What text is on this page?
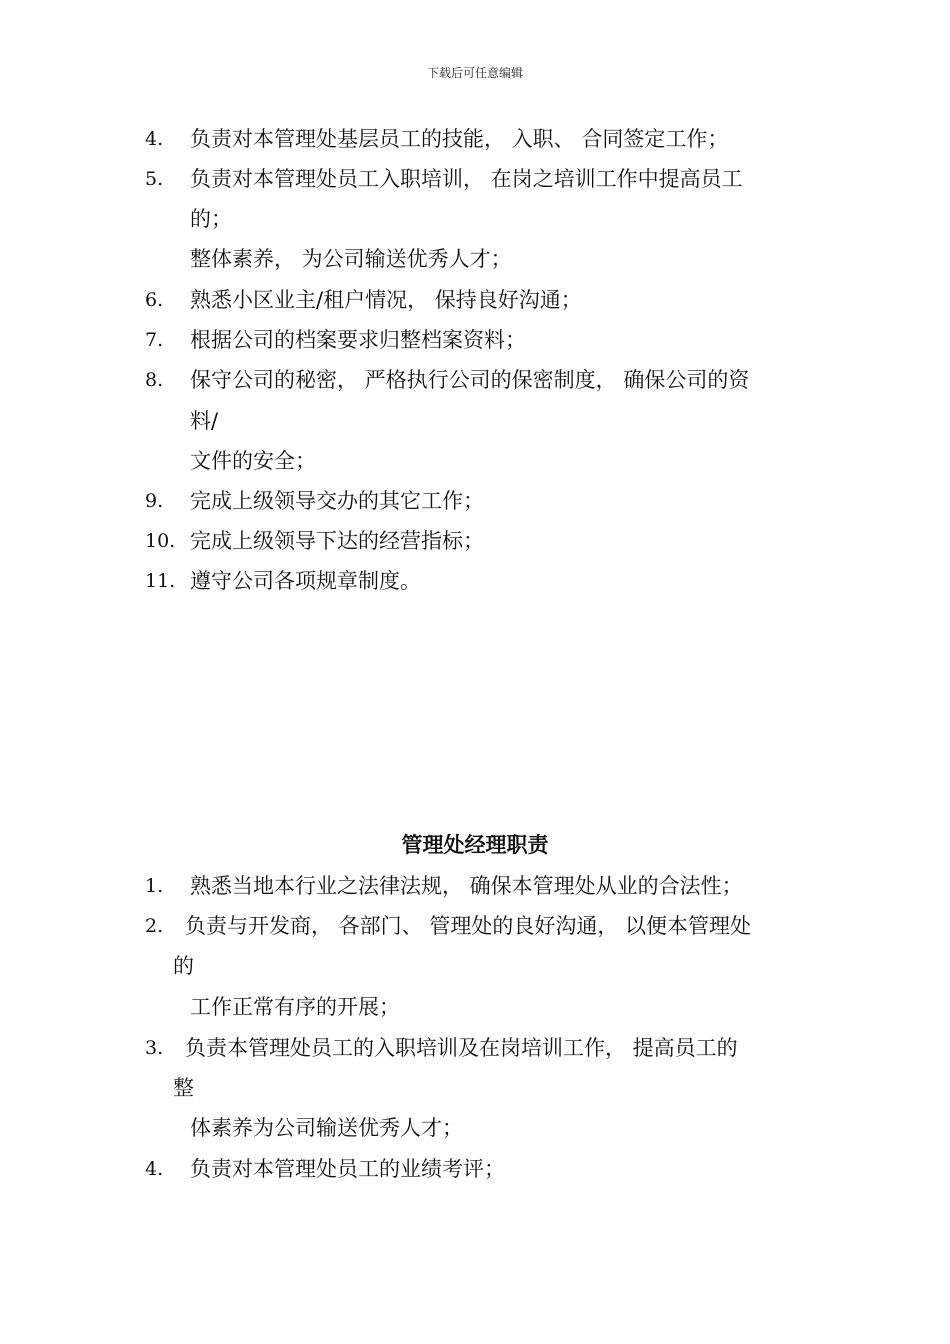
下载后可任意编辑
4. 负责对本管理处基层员工的技能， 入职、 合同签定工作；
5. 负责对本管理处员工入职培训， 在岗之培训工作中提高员工
的；
整体素养， 为公司输送优秀人才；
6. 熟悉小区业主/租户情况， 保持良好沟通；
7. 根据公司的档案要求归整档案资料；
8. 保守公司的秘密， 严格执行公司的保密制度， 确保公司的资
料/
文件的安全；
9. 完成上级领导交办的其它工作；
10. 完成上级领导下达的经营指标；
11. 遵守公司各项规章制度。
管理处经理职责
1. 熟悉当地本行业之法律法规， 确保本管理处从业的合法性；
2. 负责与开发商， 各部门、 管理处的良好沟通， 以便本管理处
的
工作正常有序的开展；
3. 负责本管理处员工的入职培训及在岗培训工作， 提高员工的
整
体素养为公司输送优秀人才；
4. 负责对本管理处员工的业绩考评；
